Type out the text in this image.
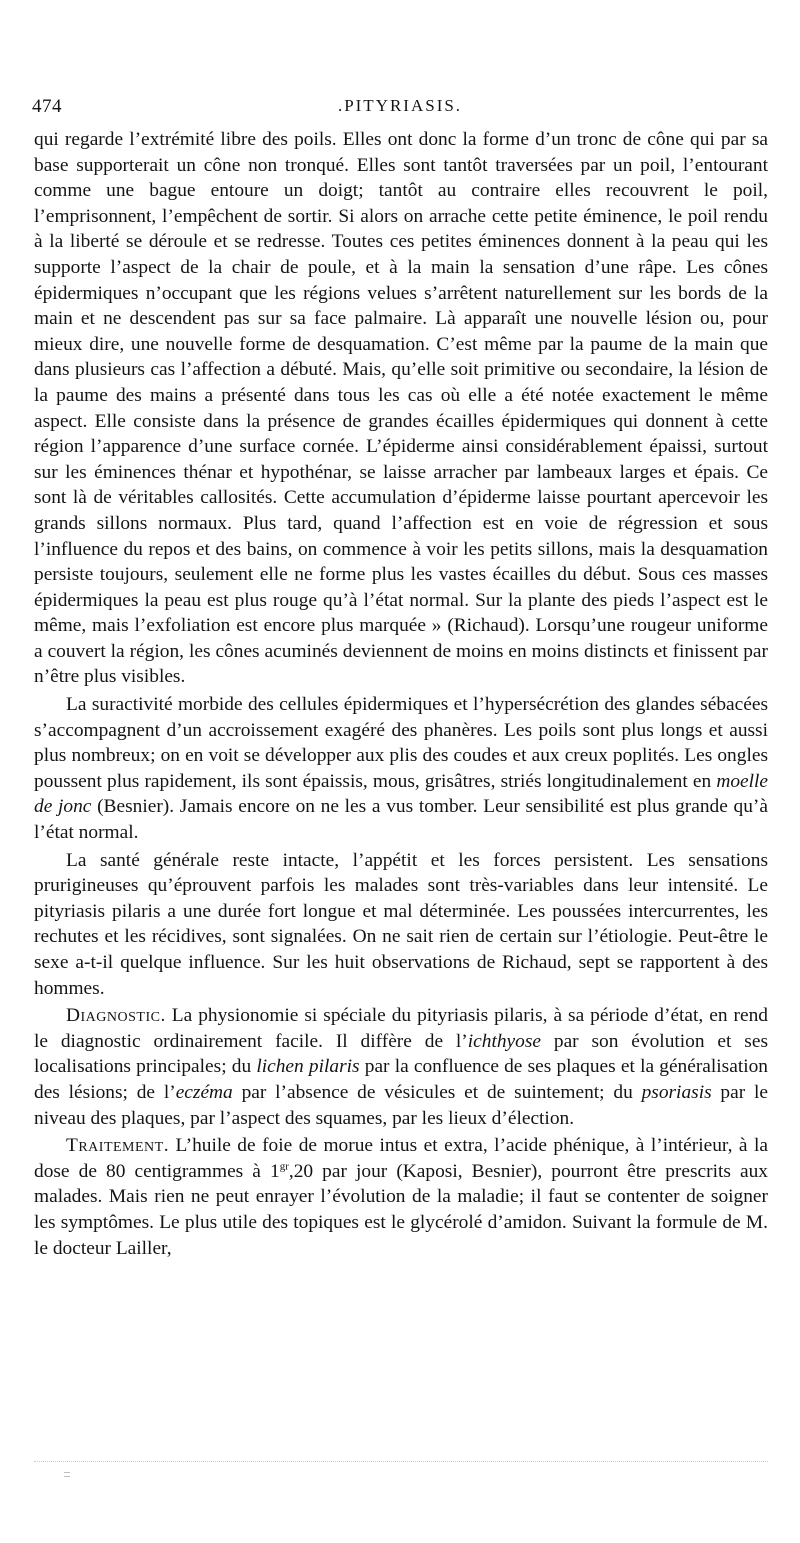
474	.PITYRIASIS.

qui regarde l’extrémité libre des poils. Elles ont donc la forme d’un tronc de cône qui par sa base supporterait un cône non tronqué. Elles sont tantôt traversées par un poil, l’entourant comme une bague entoure un doigt; tantôt au contraire elles recouvrent le poil, l’emprisonnent, l’empêchent de sortir. Si alors on arrache cette petite éminence, le poil rendu à la liberté se déroule et se redresse. Toutes ces petites éminences donnent à la peau qui les supporte l’aspect de la chair de poule, et à la main la sensation d’une râpe. Les cônes épidermiques n’occupant que les régions velues s’arrêtent naturellement sur les bords de la main et ne descendent pas sur sa face palmaire. Là apparaît une nouvelle lésion ou, pour mieux dire, une nouvelle forme de desquamation. C’est même par la paume de la main que dans plusieurs cas l’affection a débuté. Mais, qu’elle soit primitive ou secondaire, la lésion de la paume des mains a présenté dans tous les cas où elle a été notée exactement le même aspect. Elle consiste dans la présence de grandes écailles épidermiques qui donnent à cette région l’apparence d’une surface cornée. L’épiderme ainsi considérablement épaissi, surtout sur les éminences thénar et hypothénar, se laisse arracher par lambeaux larges et épais. Ce sont là de véritables callosités. Cette accumulation d’épiderme laisse pourtant apercevoir les grands sillons normaux. Plus tard, quand l’affection est en voie de régression et sous l’influence du repos et des bains, on commence à voir les petits sillons, mais la desquamation persiste toujours, seulement elle ne forme plus les vastes écailles du début. Sous ces masses épidermiques la peau est plus rouge qu’à l’état normal. Sur la plante des pieds l’aspect est le même, mais l’exfoliation est encore plus marquée » (Richaud). Lorsqu’une rougeur uniforme a couvert la région, les cônes acuminés deviennent de moins en moins distincts et finissent par n’être plus visibles.

La suractivité morbide des cellules épidermiques et l’hypersécrétion des glandes sébacées s’accompagnent d’un accroissement exagéré des phanères. Les poils sont plus longs et aussi plus nombreux; on en voit se développer aux plis des coudes et aux creux poplités. Les ongles poussent plus rapidement, ils sont épaissis, mous, grisâtres, striés longitudinalement en moelle de jonc (Besnier). Jamais encore on ne les a vus tomber. Leur sensibilité est plus grande qu’à l’état normal.

La santé générale reste intacte, l’appétit et les forces persistent. Les sensations prurigineuses qu’éprouvent parfois les malades sont très-variables dans leur intensité. Le pityriasis pilaris a une durée fort longue et mal déterminée. Les poussées intercurrentes, les rechutes et les récidives, sont signalées. On ne sait rien de certain sur l’étiologie. Peut-être le sexe a-t-il quelque influence. Sur les huit observations de Richaud, sept se rapportent à des hommes.

Diagnostic. La physionomie si spéciale du pityriasis pilaris, à sa période d’état, en rend le diagnostic ordinairement facile. Il diffère de l’ichthyose par son évolution et ses localisations principales; du lichen pilaris par la confluence de ses plaques et la généralisation des lésions; de l’eczéma par l’absence de vésicules et de suintement; du psoriasis par le niveau des plaques, par l’aspect des squames, par les lieux d’élection.

Traitement. L’huile de foie de morue intus et extra, l’acide phénique, à l’intérieur, à la dose de 80 centigrammes à $1^{gr},20$ par jour (Kaposi, Besnier), pourront être prescrits aux malades. Mais rien ne peut enrayer l’évolution de la maladie; il faut se contenter de soigner les symptômes. Le plus utile des topiques est le glycérolé d’amidon. Suivant la formule de M. le docteur Lailler,
